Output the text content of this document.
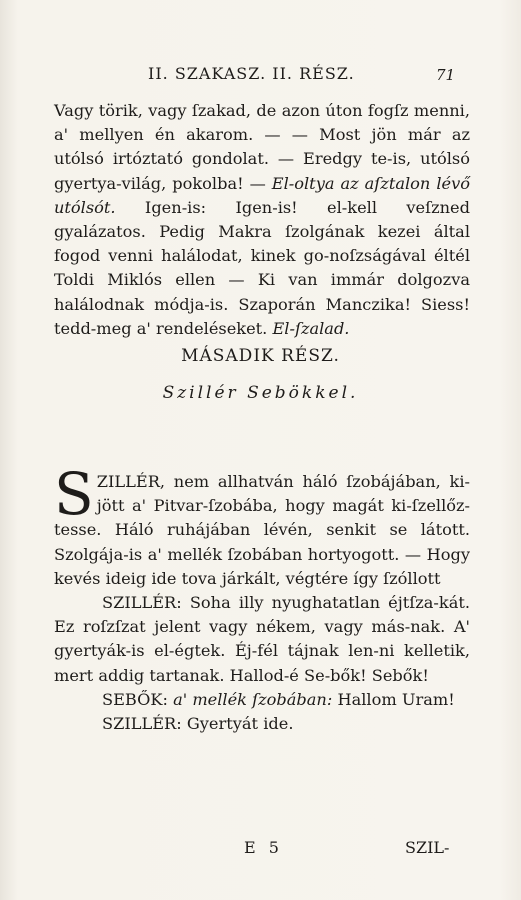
II. SZAKASZ. II. RÉSZ.	71

Vagy törik, vagy ſzakad, de azon úton fogſz menni, a' mellyen én akarom. — — Most jön már az utólsó irtóztató gondolat. — Eredgy te-is, utólsó gyertya-világ, pokolba! — El-oltya az aſztalon lévő utólsót. Igen-is: Igen-is! el-kell veſzned gyalázatos. Pedig Makra ſzolgának kezei által fogod venni halálodat, kinek go-noſzságával éltél Toldi Miklós ellen — Ki van immár dolgozva halálodnak módja-is. Szaporán Manczika! Siess! tedd-meg a' rendeléseket. El-ſzalad.

MÁSADIK RÉSZ.
Szillér Sebökkel.

SZILLÉR, nem allhatván háló ſzobájában, ki-jött a' Pitvar-ſzobába, hogy magát ki-ſzellőz-tesse. Háló ruhájában lévén, senkit se látott. Szolgája-is a' mellék ſzobában hortyogott. — Hogy kevés ideig ide tova járkált, végtére így ſzóllott

SZILLÉR: Soha illy nyughatatlan éjtſza-kát. Ez roſzſzat jelent vagy nékem, vagy más-nak. A' gyertyák-is el-égtek. Éj-fél tájnak len-ni kelletik, mert addig tartanak. Hallod-é Se-bők! Sebők!

SEBŐK: a' mellék ſzobában: Hallom Uram!

SZILLÉR: Gyertyát ide.

E 5	SZIL-
